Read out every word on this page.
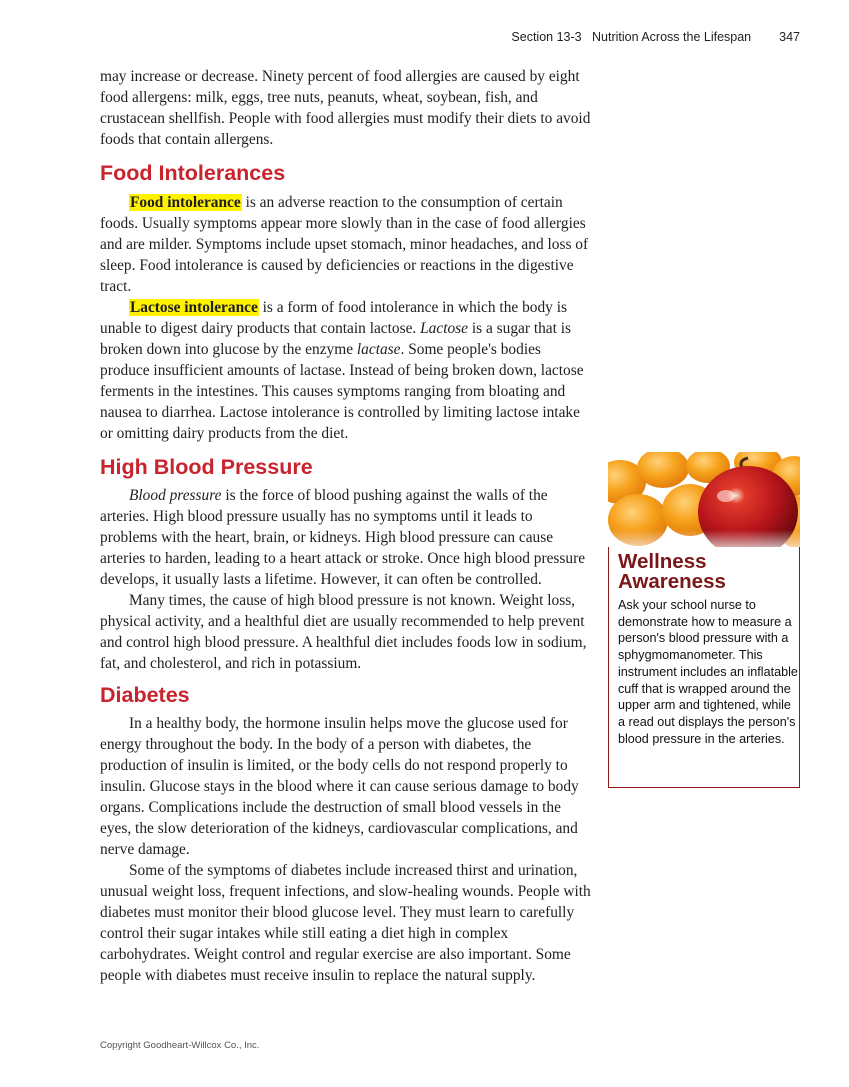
Section 13-3 Nutrition Across the Lifespan 347

may increase or decrease. Ninety percent of food allergies are caused by eight food allergens: milk, eggs, tree nuts, peanuts, wheat, soybean, fish, and crustacean shellfish. People with food allergies must modify their diets to avoid foods that contain allergens.

Food Intolerances

Food intolerance is an adverse reaction to the consumption of certain foods. Usually symptoms appear more slowly than in the case of food allergies and are milder. Symptoms include upset stomach, minor headaches, and loss of sleep. Food intolerance is caused by deficiencies or reactions in the digestive tract.

Lactose intolerance is a form of food intolerance in which the body is unable to digest dairy products that contain lactose. Lactose is a sugar that is broken down into glucose by the enzyme lactase. Some people's bodies produce insufficient amounts of lactase. Instead of being broken down, lactose ferments in the intestines. This causes symptoms ranging from bloating and nausea to diarrhea. Lactose intolerance is controlled by limiting lactose intake or omitting dairy products from the diet.

High Blood Pressure

Blood pressure is the force of blood pushing against the walls of the arteries. High blood pressure usually has no symptoms until it leads to problems with the heart, brain, or kidneys. High blood pressure can cause arteries to harden, leading to a heart attack or stroke. Once high blood pressure develops, it usually lasts a lifetime. However, it can often be controlled.

Many times, the cause of high blood pressure is not known. Weight loss, physical activity, and a healthful diet are usually recommended to help prevent and control high blood pressure. A healthful diet includes foods low in sodium, fat, and cholesterol, and rich in potassium.

Diabetes

In a healthy body, the hormone insulin helps move the glucose used for energy throughout the body. In the body of a person with diabetes, the production of insulin is limited, or the body cells do not respond properly to insulin. Glucose stays in the blood where it can cause serious damage to body organs. Complications include the destruction of small blood vessels in the eyes, the slow deterioration of the kidneys, cardiovascular complications, and nerve damage.

Some of the symptoms of diabetes include increased thirst and urination, unusual weight loss, frequent infections, and slow-healing wounds. People with diabetes must monitor their blood glucose level. They must learn to carefully control their sugar intakes while still eating a diet high in complex carbohydrates. Weight control and regular exercise are also important. Some people with diabetes must receive insulin to replace the natural supply.

Wellness Awareness
Ask your school nurse to demonstrate how to measure a person's blood pressure with a sphygmomanometer. This instrument includes an inflatable cuff that is wrapped around the upper arm and tightened, while a read out displays the person's blood pressure in the arteries.
Copyright Goodheart-Willcox Co., Inc.
